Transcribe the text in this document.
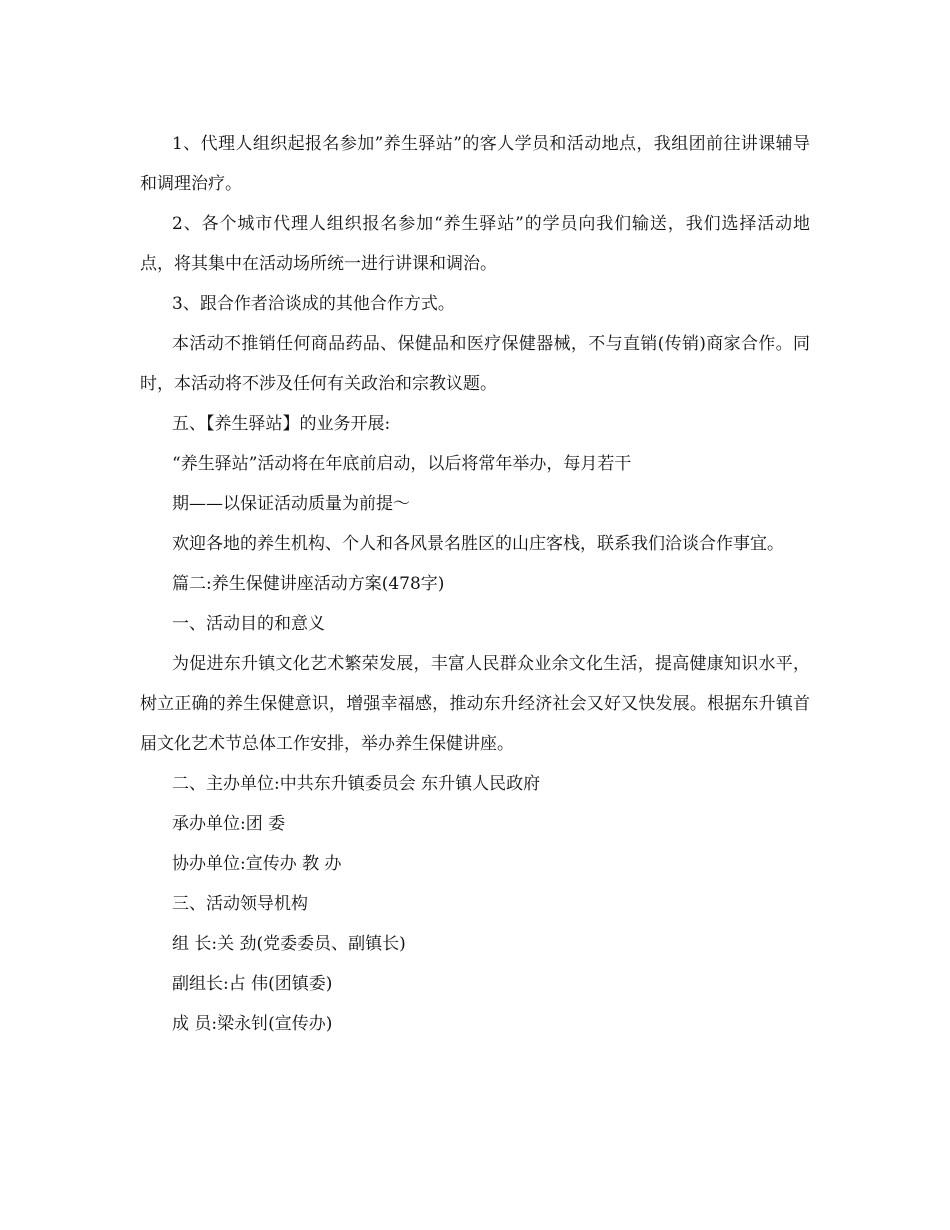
1、代理人组织起报名参加”养生驿站”的客人学员和活动地点，我组团前往讲课辅导和调理治疗。

2、各个城市代理人组织报名参加“养生驿站”的学员向我们输送，我们选择活动地点，将其集中在活动场所统一进行讲课和调治。

3、跟合作者洽谈成的其他合作方式。

本活动不推销任何商品药品、保健品和医疗保健器械，不与直销(传销)商家合作。同时，本活动将不涉及任何有关政治和宗教议题。

五、【养生驿站】的业务开展:

“养生驿站”活动将在年底前启动，以后将常年举办，每月若干

期——以保证活动质量为前提～

欢迎各地的养生机构、个人和各风景名胜区的山庄客栈，联系我们洽谈合作事宜。

篇二:养生保健讲座活动方案(478字)

一、活动目的和意义

为促进东升镇文化艺术繁荣发展，丰富人民群众业余文化生活，提高健康知识水平，树立正确的养生保健意识，增强幸福感，推动东升经济社会又好又快发展。根据东升镇首届文化艺术节总体工作安排，举办养生保健讲座。

二、主办单位:中共东升镇委员会 东升镇人民政府

承办单位:团 委

协办单位:宣传办 教 办

三、活动领导机构

组 长:关 劲(党委委员、副镇长)

副组长:占 伟(团镇委)

成 员:梁永钊(宣传办)
